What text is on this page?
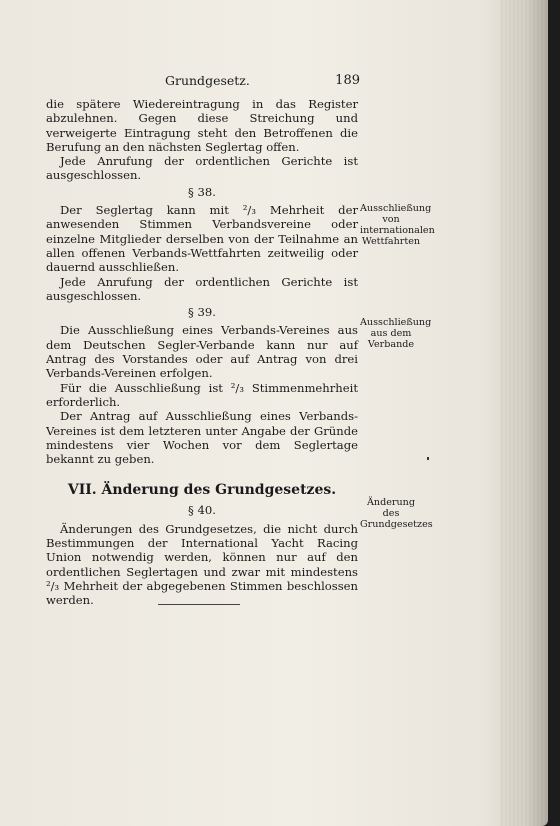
Grundgesetz.	189

die spätere Wiedereintragung in das Register abzulehnen. Gegen diese Streichung und verweigerte Eintragung steht den Betroffenen die Berufung an den nächsten Seglertag offen.

Jede Anrufung der ordentlichen Gerichte ist ausgeschlossen.

§ 38.

Der Seglertag kann mit ²/₃ Mehrheit der anwesenden Stimmen Verbandsvereine oder einzelne Mitglieder derselben von der Teilnahme an allen offenen Verbands-Wettfahrten zeitweilig oder dauernd ausschließen.

Jede Anrufung der ordentlichen Gerichte ist ausgeschlossen.

§ 39.

Die Ausschließung eines Verbands-Vereines aus dem Deutschen Segler-Verbande kann nur auf Antrag des Vorstandes oder auf Antrag von drei Verbands-Vereinen erfolgen.

Für die Ausschließung ist ²/₃ Stimmenmehrheit erforderlich.

Der Antrag auf Ausschließung eines Verbands-Vereines ist dem letzteren unter Angabe der Gründe mindestens vier Wochen vor dem Seglertage bekannt zu geben.

VII. Änderung des Grundgesetzes.

§ 40.

Änderungen des Grundgesetzes, die nicht durch Bestimmungen der International Yacht Racing Union notwendig werden, können nur auf den ordentlichen Seglertagen und zwar mit mindestens ²/₃ Mehrheit der abgegebenen Stimmen beschlossen werden.

Ausschließung von internationalen Wettfahrten
Ausschließung aus dem Verbande
Änderung des Grundgesetzes
